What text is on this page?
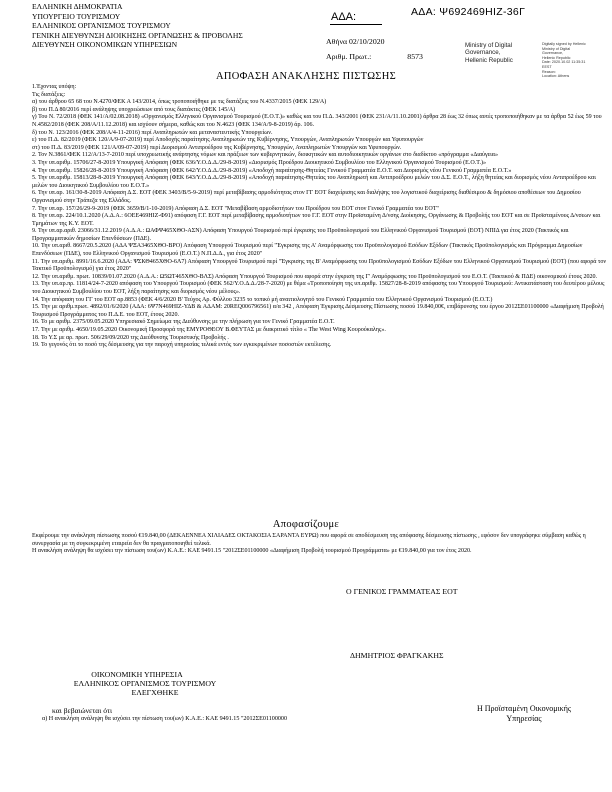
ΕΛΛΗΝΙΚΗ ΔΗΜΟΚΡΑΤΙΑ
ΥΠΟΥΡΓΕΙΟ ΤΟΥΡΙΣΜΟΥ
ΕΛΛΗΝΙΚΟΣ ΟΡΓΑΝΙΣΜΟΣ ΤΟΥΡΙΣΜΟΥ
ΓΕΝΙΚΗ ΔΙΕΥΘΥΝΣΗ ΔΙΟΙΚΗΣΗΣ ΟΡΓΑΝΩΣΗΣ & ΠΡΟΒΟΛΗΣ
ΔΙΕΥΘΥΝΣΗ ΟΙΚΟΝΟΜΙΚΩΝ ΥΠΗΡΕΣΙΩΝ
ΑΔΑ:	ΑΔΑ: Ψ692469ΗΙΖ-36Γ
Αθήνα 02/10/2020
Αριθμ. Πρωτ.:	8573
Ministry of Digital
Governance,
Hellenic Republic
Digitally signed by Hellenic
Ministry of Digital
Governance,
Hellenic Republic
Date: 2020.10.02 11:35:31
EEST
Reason:
Location: Athens
ΑΠΟΦΑΣΗ ΑΝΑΚΛΗΣΗΣ ΠΙΣΤΩΣΗΣ

1.Έχοντας υπόψη:

Τις διατάξεις:

α) του άρθρου 65 68 του Ν.4270/ΦΕΚ Α 143/2014, όπως τροποποιήθηκε με τις διατάξεις του Ν.4337/2015 (ΦΕΚ 129/Α)

β) του Π.Δ 80/2016 περί ανάληψης υποχρεώσεων από τους διατάκτες (ΦΕΚ 145/Α)

γ) Του Ν. 72/2018 (ΦΕΚ 141/Α/02.08.2018) «Οργανισμός Ελληνικού Οργανισμού Τουρισμού (Ε.Ο.Τ.)» καθώς και του Π.Δ. 343/2001 (ΦΕΚ 231/Α/11.10.2001) άρθρα 28 έως 32 όπως αυτές τροποποιήθηκαν με τα άρθρα 52 έως 59 του Ν.4582/2018 (ΦΕΚ 208/Α/11.12.2018) και ισχύουν σήμερα, καθώς και του Ν.4623 (ΦΕΚ 134/Α/9-8-2019) άρ. 106.

δ) του Ν. 123/2016 (ΦΕΚ 208/Α/4-11-2016) περί Αναπληρωτών και μεταναστευτικής Υπουργείων.

ε) του Π.Δ. 82/2019 (ΦΕΚ 120/Α/9-07-2019) περί Αποδοχής παραίτησης Αναπληρωτών της Κυβέρνησης, Υπουργών, Αναπληρωτών Υπουργών και Υφυπουργών

στ) του Π.Δ. 83/2019 (ΦΕΚ 121/Α/09-07-2019) περί Διορισμού Αντιπροέδρου της Κυβέρνησης, Υπουργών, Αναπληρωτών Υπουργών και Υφυπουργών.

2. Τον Ν.3861/ΦΕΚ 112/Α/13-7-2010 περί υποχρεωτικής ανάρτησης νόμων και πράξεων των κυβερνητικών, διοικητικών και αυτοδιοικητικών οργάνων στο διαδίκτυο «πρόγραμμα «Διαύγεια»

3. Την υπ.αριθμ. 15706/27-8-2019 Υπουργική Απόφαση (ΦΕΚ 636/Υ.Ο.Δ.Δ./29-8-2019) «Διορισμός Προέδρου Διοικητικού Συμβουλίου του Ελληνικού Οργανισμού Τουρισμού (Ε.Ο.Τ.)»

4. Την υπ.αριθμ. 15826/28-8-2019 Υπουργική Απόφαση (ΦΕΚ 642/Υ.Ο.Δ.Δ./29-8-2019) «Αποδοχή παραίτησης-Θητείας Γενικού Γραμματέα Ε.Ο.Τ. και Διορισμός νέου Γενικού Γραμματέα Ε.Ο.Τ.»

5. Την υπ.αριθμ. 15813/28-8-2019 Υπουργική Απόφαση (ΦΕΚ 643/Υ.Ο.Δ.Δ./29-8-2019) «Αποδοχή παραίτησης-Θητείας του Αναπληρωτή και Αντιπροέδρου μελών του Δ.Σ. Ε.Ο.Τ., λήξη θητείας και διορισμός νέου Αντιπροέδρου και μελών του Διοικητικού Συμβουλίου του Ε.Ο.Τ.»

6. Την υπ.αρ. 161/30-8-2019 Απόφαση Δ.Σ. ΕΟΤ (ΦΕΚ 3403/Β/5-9-2019) περί μεταβίβασης αρμοδιότητας στον ΓΓ ΕΟΤ διαχείρισης και διαλήψης του λογιστικού διαχείρισης διαθέσιμου & δημόσιου αποθέσεων του Δημοσίου Οργανισμού στην Τράπεζα της Ελλάδος.

7. Την υπ.αρ. 157/26/29-9-2019 (ΦΕΚ 3659/Β/1-10-2019) Απόφαση Δ.Σ. ΕΟΤ "Μεταβίβαση αρμοδιοτήτων του Προέδρου του ΕΟΤ στον Γενικό Γραμματέα του ΕΟΤ"

8. Την υπ.αρ. 224/10.1.2020 (Α.Δ.Α.: 6ΟΕΕ469ΗΙΖ-Φ91) απόφαση Γ.Γ. ΕΟΤ περί μεταβίβασης αρμοδιοτήτων του Γ.Γ. ΕΟΤ στην Προϊσταμένη Δ/νσης Διοίκησης, Οργάνωσης & Προβολής του ΕΟΤ και σε Προϊσταμένους Δ/νσεων και Τμημάτων της Κ.Υ. ΕΟΤ.

9. Την υπ.αρ.αριθ. 23066/31.12.2019 (Α.Δ.Α.: ΩΑΦΨ465ΧΘΟ-ΑΣΝ) Απόφαση Υπουργού Τουρισμού περί έγκρισης του Προϋπολογισμού του Ελληνικού Οργανισμού Τουρισμού (ΕΟΤ) ΝΠΙΔ για έτος 2020 (Τακτικός και Προγραμματικών δημοσίων Επενδύσεων (ΠΔΕ).

10. Την υπ.αριθ. 8667/20.5.2020 (ΑΔΑ ΨΞΑ3465ΧΘΟ-ΒΡΟ) Απόφαση Υπουργού Τουρισμού περί "Έγκρισης της Α' Αναμόρφωσης του Προϋπολογισμού Εσόδων Εξόδων (Τακτικός Προϋπολογισμός και Πρόγραμμα Δημοσίων Επενδύσεων (ΠΔΕ), του Ελληνικού Οργανισμού Τουρισμού (Ε.Ο.Τ.) Ν.Π.Δ.Δ., για έτος 2020"

11. Την υπ.αριθμ. 8991/16.6.2020 (ΑΔΑ: ΨΣΚΘ465ΧΘΟ-6Λ7) Απόφαση Υπουργού Τουρισμού περί "Έγκρισης της Β' Αναμόρφωσης του Προϋπολογισμού Εσόδων Εξόδων του Ελληνικού Οργανισμού Τουρισμού (ΕΟΤ) (που αφορά τον Τακτικό Προϋπολογισμό) για έτος 2020"

12. Την υπ.αριθμ. πρωτ. 10839/01.07.2020 (Α.Δ.Α.: Ω5ΩΤ465ΧΘΟ-ΒΛΣ) Απόφαση Υπουργού Τουρισμού που αφορά στην έγκριση της Γ' Αναμόρφωσης του Προϋπολογισμού του Ε.Ο.Τ. (Τακτικού & ΠΔΕ) οικονομικού έτους 2020.

13. Την υπ.αρ.πρ. 11814/24-7-2020 απόφαση του Υπουργού Τουρισμού (ΦΕΚ 562/Υ.Ο.Δ.Δ./28-7-2020) με θέμα «Τροποποίηση της υπ.αριθμ. 15827/28-8-2019 απόφασης του Υπουργού Τουρισμού: Αντικατάσταση του δευτέρου μέλους του Διοικητικού Συμβουλίου του ΕΟΤ, λήξη παραίτησης και διορισμός νέου μέλους».

14. Την απόφαση του ΓΓ του ΕΟΤ αρ.8853 (ΦΕΚ 4/6/2020 Β' Τεύχος Αρ. Φύλλου 3235 το τοπικό μή αναιτιολογητό του Γενικού Γραμματέα του Ελληνικού Οργανισμού Τουρισμού (Ε.Ο.Τ.)

15. Την με αριθμ.πρωτ. 4892/01/6/2020 (ΑΔΑ: 6Ψ7Ν469ΗΙΖ-ΥΔΒ & ΑΔΑΜ: 20REQ006796561) α/α 342 , Απόφαση Έγκρισης Δέσμευσης Πίστωσης ποσού 19.840,00€, επιβάρυνσης του έργου 2012ΣΕ01100000 «Διαφήμιση Προβολή Τουρισμού Προγράμματος του Π.Δ.Ε. του ΕΟΤ, έτους 2020.

16. Το με αριθμ. 2375/09.05.2020 Υπηρεσιακό Σημείωμα της Διεύθυνσης με την πλήρωση για τον Γενικό Γραμματέα Ε.Ο.Τ.

17. Την με αριθμ. 4650/19.05.2020 Οικονομική Προσφορά της ΕΜΥΡΟΘΕΟΥ Β.ΦΕΥΤΑΣ με διακριτικό τίτλο « The West Wing Κουρούκαλης».

18. Το Υ.Σ με αρ. πρωτ. 506/29/09/2020 της Διεύθυνσης Τουριστικής Προβολής .

19. Το γεγονός ότι το ποσό της δέσμευσης για την παροχή υπηρεσίας τελικά εντός των εγκεκριμένων ποσοστών εκτέλεσης.

Αποφασίζουμε

Εκφέρουμε την ανάκληση πίστωσης ποσού €19.840,00 (ΔΕΚΑΕΝΝΕΑ ΧΙΛΙΑΔΕΣ ΟΚΤΑΚΟΣΙΑ ΣΑΡΑΝΤΑ ΕΥΡΩ) που αφορά σε αποδέσμευση της απόφασης δέσμευσης πίστωσης , εφόσον δεν υπογράφηκε σύμβαση καθώς η συνεργασία με τη συγκεκριμένη εταιρεία δεν θα πραγματοποιηθεί τελικά.

Η ανακλήση ανάληψη θα ισχύσει την πίστωση του(ων) Κ.Α.Ε.: ΚΑΕ 9491.15 "2012ΣΕ01100000 «Διαφήμιση Προβολή τουρισμού Προγράμματα» με €19.840,00 για τον έτος 2020.

Ο ΓΕΝΙΚΟΣ ΓΡΑΜΜΑΤΕΑΣ ΕΟΤ
ΔΗΜΗΤΡΙΟΣ ΦΡΑΓΚΑΚΗΣ
ΟΙΚΟΝΟΜΙΚΗ ΥΠΗΡΕΣΙΑ
ΕΛΛΗΝΙΚΟΣ ΟΡΓΑΝΙΣΜΟΣ ΤΟΥΡΙΣΜΟΥ
ΕΛΕΓΧΘΗΚΕ
και βεβαιώνεται ότι
α) Η ανακλήση ανάληψη θα ισχύσει την πίστωση του(ων) Κ.Α.Ε.: ΚΑΕ 9491.15 "2012ΣΕ01100000
Η Προϊσταμένη Οικονομικής
Υπηρεσίας
